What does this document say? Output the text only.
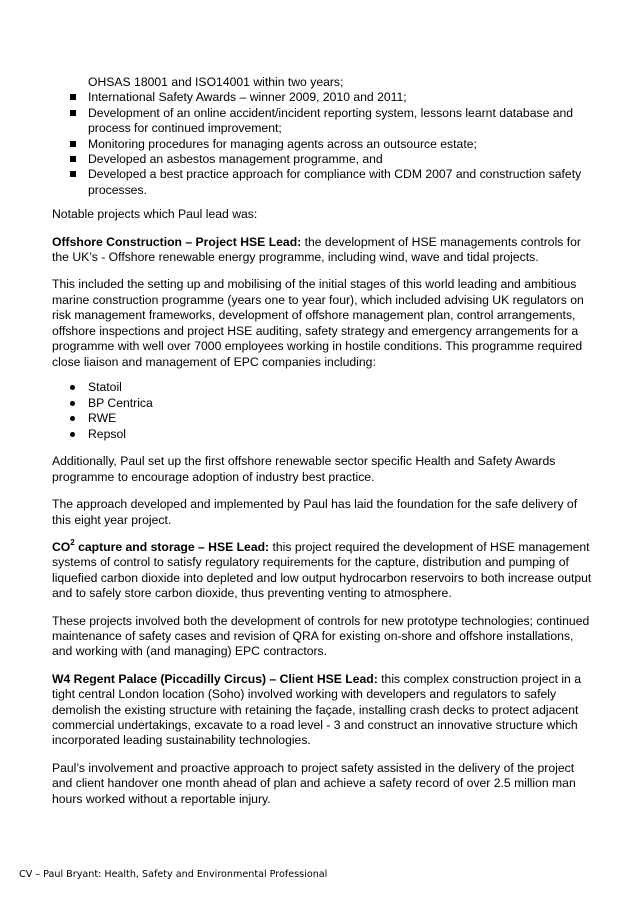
OHSAS 18001 and ISO14001 within two years;
International Safety Awards – winner 2009, 2010 and 2011;
Development of an online accident/incident reporting system, lessons learnt database and process for continued improvement;
Monitoring procedures for managing agents across an outsource estate;
Developed an asbestos management programme, and
Developed a best practice approach for compliance with CDM 2007 and construction safety processes.

Notable projects which Paul lead was:

Offshore Construction – Project HSE Lead: the development of HSE managements controls for the UK’s - Offshore renewable energy programme, including wind, wave and tidal projects.

This included the setting up and mobilising of the initial stages of this world leading and ambitious marine construction programme (years one to year four), which included advising UK regulators on risk management frameworks, development of offshore management plan, control arrangements, offshore inspections and project HSE auditing, safety strategy and emergency arrangements for a programme with well over 7000 employees working in hostile conditions. This programme required close liaison and management of EPC companies including:

Statoil
BP Centrica
RWE
Repsol

Additionally, Paul set up the first offshore renewable sector specific Health and Safety Awards programme to encourage adoption of industry best practice.

The approach developed and implemented by Paul has laid the foundation for the safe delivery of this eight year project.

$CO^2$ capture and storage – HSE Lead: this project required the development of HSE management systems of control to satisfy regulatory requirements for the capture, distribution and pumping of liquefied carbon dioxide into depleted and low output hydrocarbon reservoirs to both increase output and to safely store carbon dioxide, thus preventing venting to atmosphere.

These projects involved both the development of controls for new prototype technologies; continued maintenance of safety cases and revision of QRA for existing on-shore and offshore installations, and working with (and managing) EPC contractors.

W4 Regent Palace (Piccadilly Circus) – Client HSE Lead: this complex construction project in a tight central London location (Soho) involved working with developers and regulators to safely demolish the existing structure with retaining the façade, installing crash decks to protect adjacent commercial undertakings, excavate to a road level - 3 and construct an innovative structure which incorporated leading sustainability technologies.

Paul’s involvement and proactive approach to project safety assisted in the delivery of the project and client handover one month ahead of plan and achieve a safety record of over 2.5 million man hours worked without a reportable injury.

CV – Paul Bryant: Health, Safety and Environmental Professional
